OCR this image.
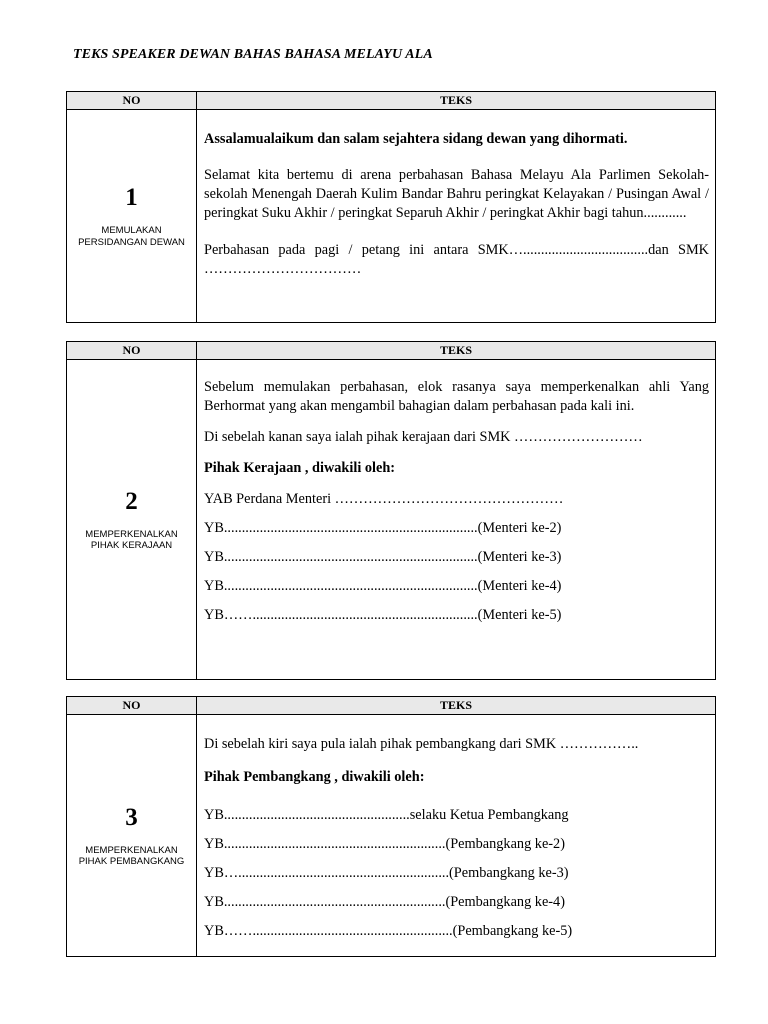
TEKS SPEAKER DEWAN BAHAS BAHASA MELAYU ALA
NO	TEKS
1
MEMULAKAN PERSIDANGAN DEWAN

Assalamualaikum dan salam sejahtera sidang dewan yang dihormati.

Selamat kita bertemu di arena perbahasan Bahasa Melayu Ala Parlimen Sekolah-sekolah Menengah Daerah Kulim Bandar Bahru peringkat Kelayakan / Pusingan Awal / peringkat Suku Akhir / peringkat Separuh Akhir / peringkat Akhir bagi tahun............

Perbahasan pada pagi / petang ini antara SMK…...................................dan SMK ……………………………

NO	TEKS
2
MEMPERKENALKAN PIHAK KERAJAAN

Sebelum memulakan perbahasan, elok rasanya saya memperkenalkan ahli Yang Berhormat yang akan mengambil bahagian dalam perbahasan pada kali ini.

Di sebelah kanan saya ialah pihak kerajaan dari SMK ………………………

Pihak Kerajaan , diwakili oleh:

YAB Perdana Menteri …………………………………………

YB.......................................................................(Menteri ke-2)

YB.......................................................................(Menteri ke-3)

YB.......................................................................(Menteri ke-4)

YB……...............................................................(Menteri ke-5)

NO	TEKS
3
MEMPERKENALKAN PIHAK PEMBANGKANG

Di sebelah kiri saya pula ialah pihak pembangkang dari SMK ……………..

Pihak Pembangkang , diwakili oleh:

YB....................................................selaku Ketua Pembangkang

YB..............................................................(Pembangkang ke-2)

YB…...........................................................(Pembangkang ke-3)

YB..............................................................(Pembangkang ke-4)

YB……........................................................(Pembangkang ke-5)
